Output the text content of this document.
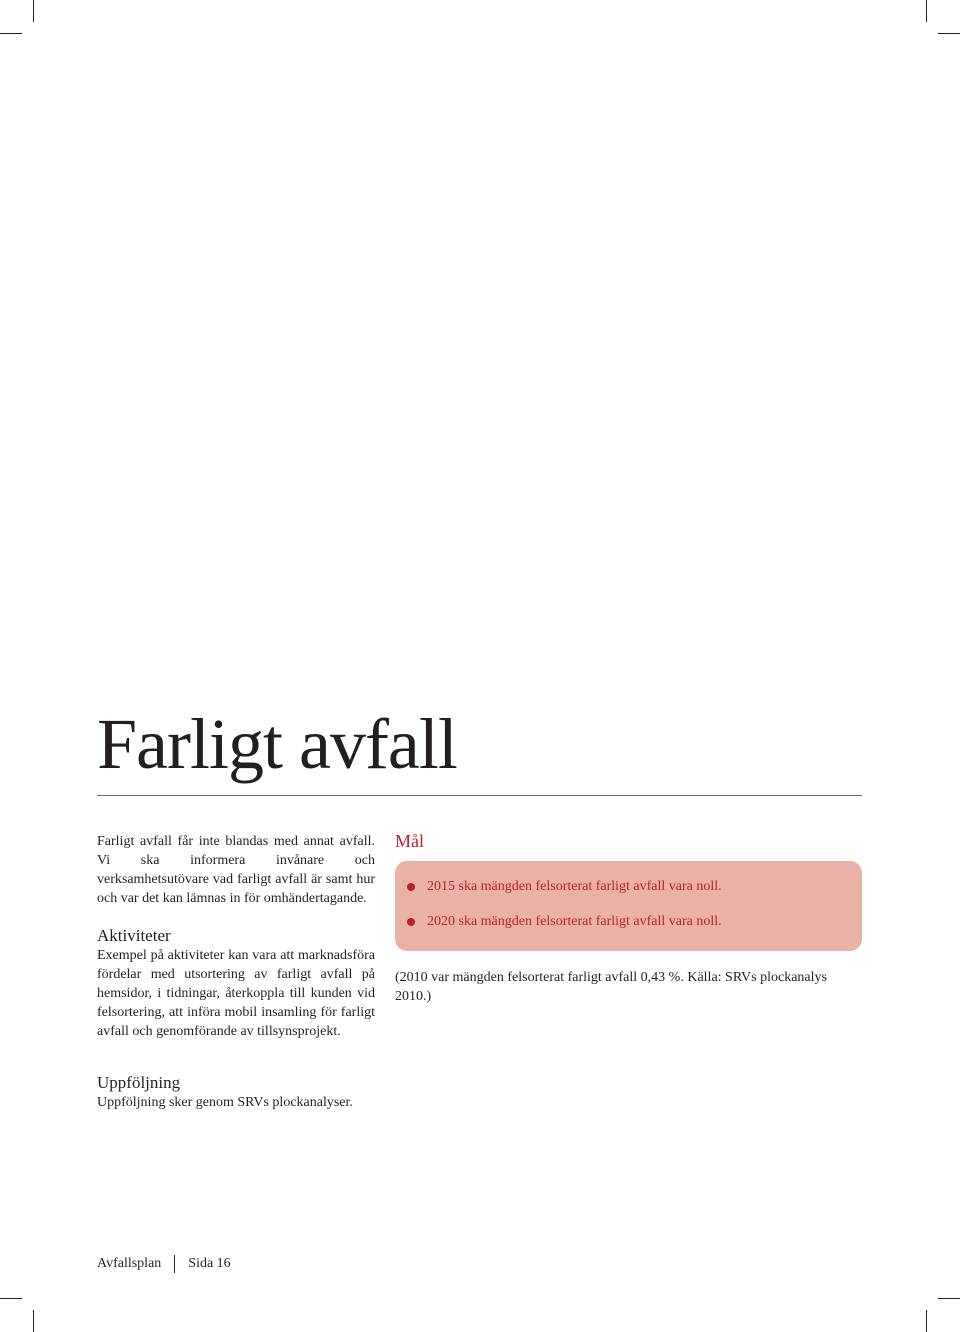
Farligt avfall

Farligt avfall får inte blandas med annat avfall. Vi ska informera invånare och verksamhetsutövare vad farligt avfall är samt hur och var det kan lämnas in för omhändertagande.

Aktiviteter

Exempel på aktiviteter kan vara att marknadsföra fördelar med utsortering av farligt avfall på hemsidor, i tidningar, återkoppla till kunden vid felsortering, att införa mobil insamling för farligt avfall och genomförande av tillsynsprojekt.

Mål
2015 ska mängden felsorterat farligt avfall vara noll.
2020 ska mängden felsorterat farligt avfall vara noll.

(2010 var mängden felsorterat farligt avfall 0,43 %. Källa: SRVs plockanalys 2010.)

Uppföljning

Uppföljning sker genom SRVs plockanalyser.

Avfallsplan Sida 16
